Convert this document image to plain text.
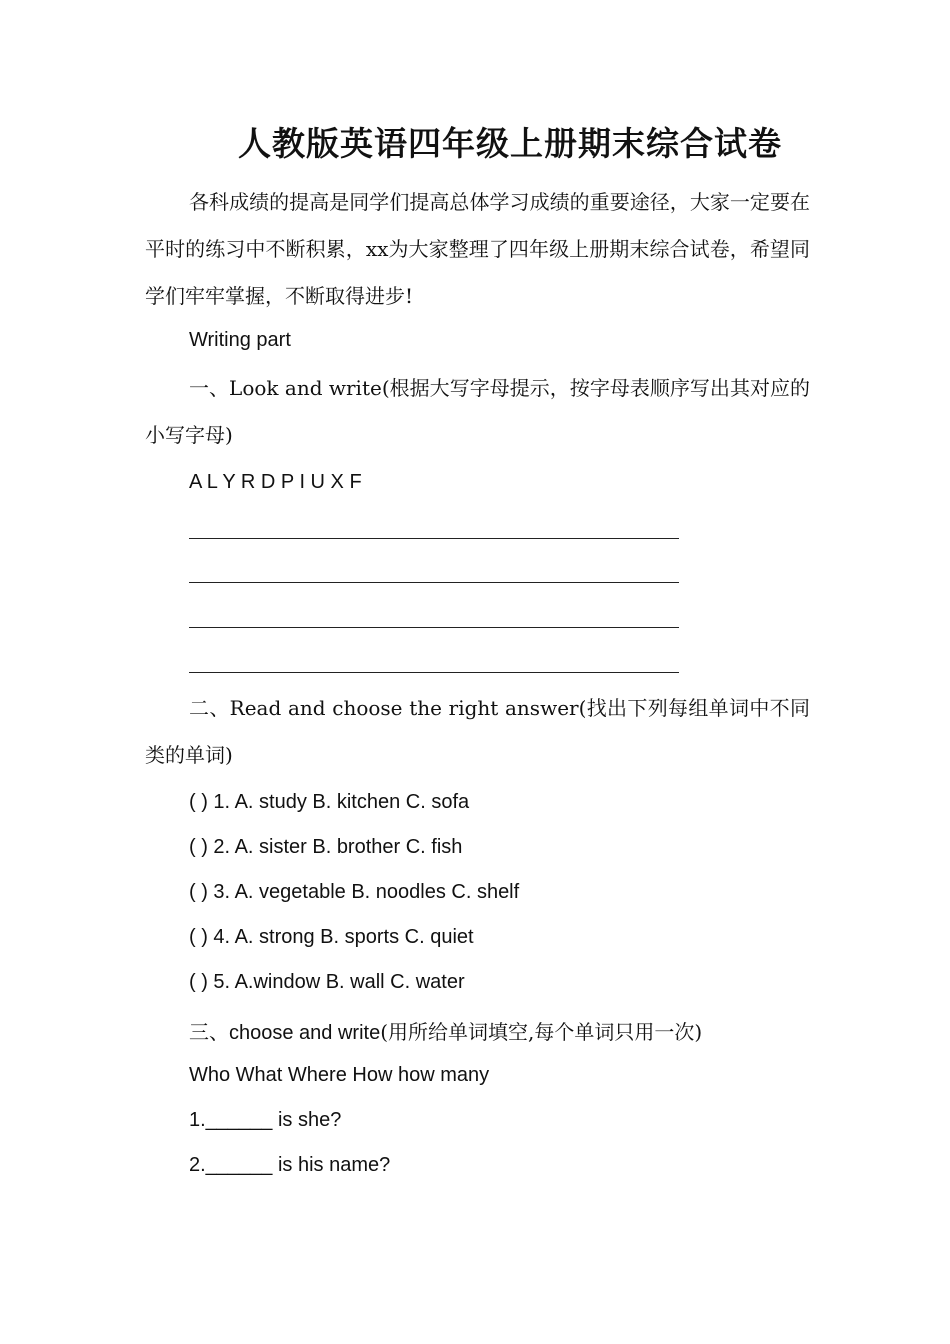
人教版英语四年级上册期末综合试卷
各科成绩的提高是同学们提高总体学习成绩的重要途径，大家一定要在平时的练习中不断积累，xx为大家整理了四年级上册期末综合试卷，希望同学们牢牢掌握，不断取得进步!
Writing part
一、Look and write(根据大写字母提示，按字母表顺序写出其对应的小写字母)
A L Y R D P I U X F
二、Read and choose the right answer(找出下列每组单词中不同类的单词)
( ) 1. A. study B. kitchen C. sofa
( ) 2. A. sister B. brother C. fish
( ) 3. A. vegetable B. noodles C. shelf
( ) 4. A. strong B. sports C. quiet
( ) 5. A.window B. wall C. water
三、choose and write(用所给单词填空,每个单词只用一次)
Who What Where How how many
1.______ is she?
2.______ is his name?
